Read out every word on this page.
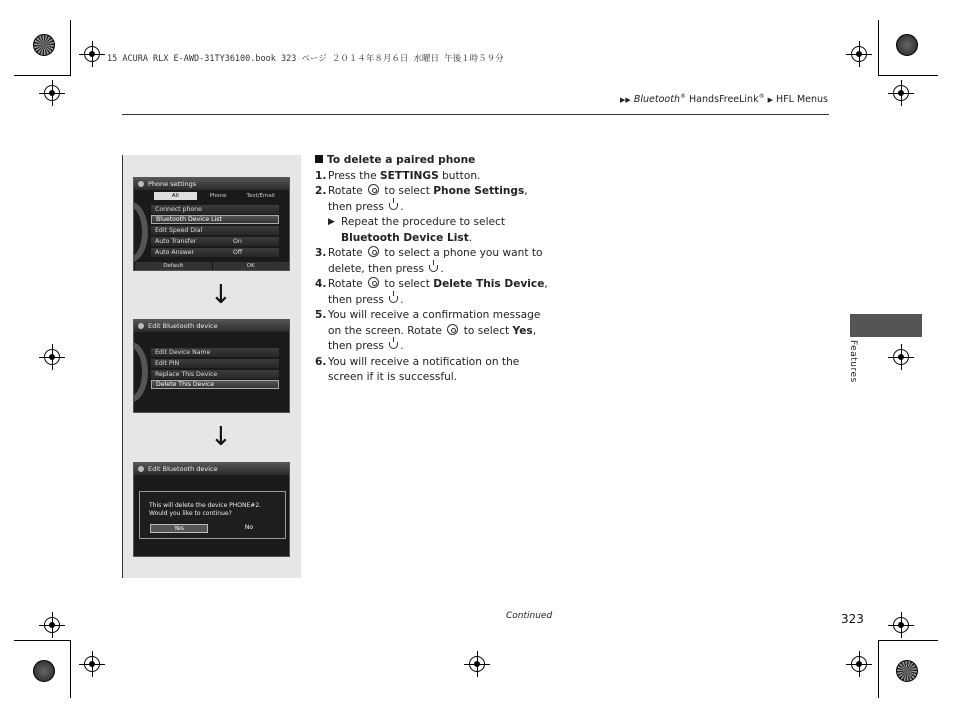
15 ACURA RLX E-AWD-31TY36100.book 323 ページ ２０１４年８月６日 水曜日 午後１時５９分
▶▶ Bluetooth® HandsFreeLink® ▶ HFL Menus
Phone settings
All	Phone	Text/Email
Connect phone
Bluetooth Device List
Edit Speed Dial
Auto Transfer	On
Auto Answer	Off
Default	OK
↓
Edit Bluetooth device
Edit Device Name
Edit PIN
Replace This Device
Delete This Device
↓
Edit Bluetooth device
This will delete the device PHONE#2.
Would you like to continue?
Yes	No
To delete a paired phone
1. Press the SETTINGS button.
2. Rotate  to select Phone Settings, then press .
▶ Repeat the procedure to select Bluetooth Device List.
3. Rotate  to select a phone you want to delete, then press .
4. Rotate  to select Delete This Device, then press .
5. You will receive a confirmation message on the screen. Rotate  to select Yes, then press .
6. You will receive a notification on the screen if it is successful.	Features
Continued	323
